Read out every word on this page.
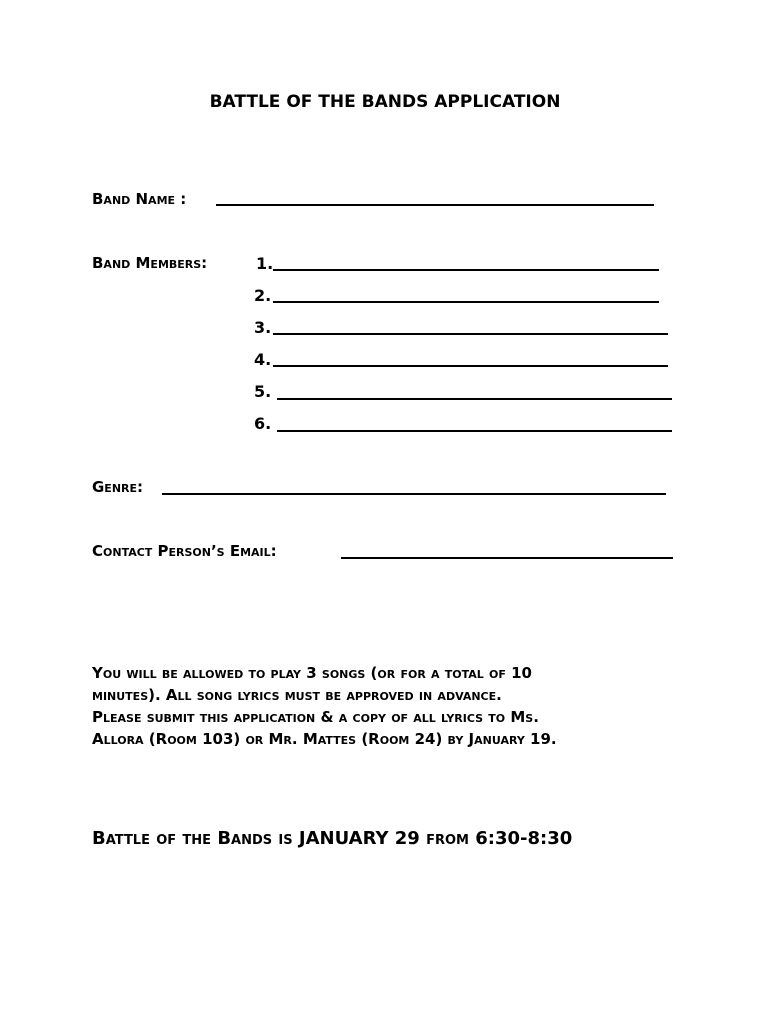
BATTLE OF THE BANDS APPLICATION
Band Name :
Band Members:	1.
2.
3.
4.
5.
6.
Genre:
Contact Person’s Email:
You will be allowed to play 3 songs (or for a total of 10
minutes). All song lyrics must be approved in advance.
Please submit this application & a copy of all lyrics to Ms.
Allora (Room 103) or Mr. Mattes (Room 24) by January 19.
Battle of the Bands is JANUARY 29 from 6:30-8:30
